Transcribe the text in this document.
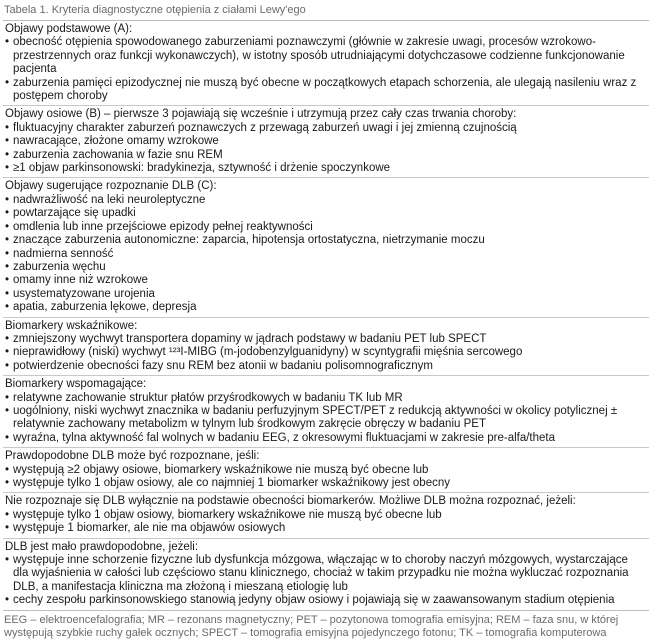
Tabela 1. Kryteria diagnostyczne otępienia z ciałami Lewy'ego
Objawy podstawowe (A):
• obecność otępienia spowodowanego zaburzeniami poznawczymi (głównie w zakresie uwagi, procesów wzrokowo-przestrzennych oraz funkcji wykonawczych), w istotny sposób utrudniającymi dotychczasowe codzienne funkcjonowanie pacjenta
• zaburzenia pamięci epizodycznej nie muszą być obecne w początkowych etapach schorzenia, ale ulegają nasileniu wraz z postępem choroby
Objawy osiowe (B) – pierwsze 3 pojawiają się wcześnie i utrzymują przez cały czas trwania choroby:
• fluktuacyjny charakter zaburzeń poznawczych z przewagą zaburzeń uwagi i jej zmienną czujnością
• nawracające, złożone omamy wzrokowe
• zaburzenia zachowania w fazie snu REM
• ≥1 objaw parkinsonowski: bradykinezja, sztywność i drżenie spoczynkowe
Objawy sugerujące rozpoznanie DLB (C):
• nadwrażliwość na leki neuroleptyczne
• powtarzające się upadki
• omdlenia lub inne przejściowe epizody pełnej reaktywności
• znaczące zaburzenia autonomiczne: zaparcia, hipotensja ortostatyczna, nietrzymanie moczu
• nadmierna senność
• zaburzenia węchu
• omamy inne niż wzrokowe
• usystematyzowane urojenia
• apatia, zaburzenia lękowe, depresja
Biomarkery wskaźnikowe:
• zmniejszony wychwyt transportera dopaminy w jądrach podstawy w badaniu PET lub SPECT
• nieprawidłowy (niski) wychwyt ¹²³I-MIBG (m-jodobenzylguanidyny) w scyntygrafii mięśnia sercowego
• potwierdzenie obecności fazy snu REM bez atonii w badaniu polisomnograficznym
Biomarkery wspomagające:
• relatywne zachowanie struktur płatów przyśrodkowych w badaniu TK lub MR
• uogólniony, niski wychwyt znacznika w badaniu perfuzyjnym SPECT/PET z redukcją aktywności w okolicy potylicznej ± relatywnie zachowany metabolizm w tylnym lub środkowym zakręcie obręczy w badaniu PET
• wyraźna, tylna aktywność fal wolnych w badaniu EEG, z okresowymi fluktuacjami w zakresie pre-alfa/theta
Prawdopodobne DLB może być rozpoznane, jeśli:
• występują ≥2 objawy osiowe, biomarkery wskaźnikowe nie muszą być obecne lub
• występuje tylko 1 objaw osiowy, ale co najmniej 1 biomarker wskaźnikowy jest obecny
Nie rozpoznaje się DLB wyłącznie na podstawie obecności biomarkerów. Możliwe DLB można rozpoznać, jeżeli:
• występuje tylko 1 objaw osiowy, biomarkery wskaźnikowe nie muszą być obecne lub
• występuje 1 biomarker, ale nie ma objawów osiowych
DLB jest mało prawdopodobne, jeżeli:
• występuje inne schorzenie fizyczne lub dysfunkcja mózgowa, włączając w to choroby naczyń mózgowych, wystarczające dla wyjaśnienia w całości lub częściowo stanu klinicznego, chociaż w takim przypadku nie można wykluczać rozpoznania DLB, a manifestacja kliniczna ma złożoną i mieszaną etiologię lub
• cechy zespołu parkinsonowskiego stanowią jedyny objaw osiowy i pojawiają się w zaawansowanym stadium otępienia
EEG – elektroencefalografia; MR – rezonans magnetyczny; PET – pozytonowa tomografia emisyjna; REM – faza snu, w której występują szybkie ruchy gałek ocznych; SPECT – tomografia emisyjna pojedynczego fotonu; TK – tomografia komputerowa
